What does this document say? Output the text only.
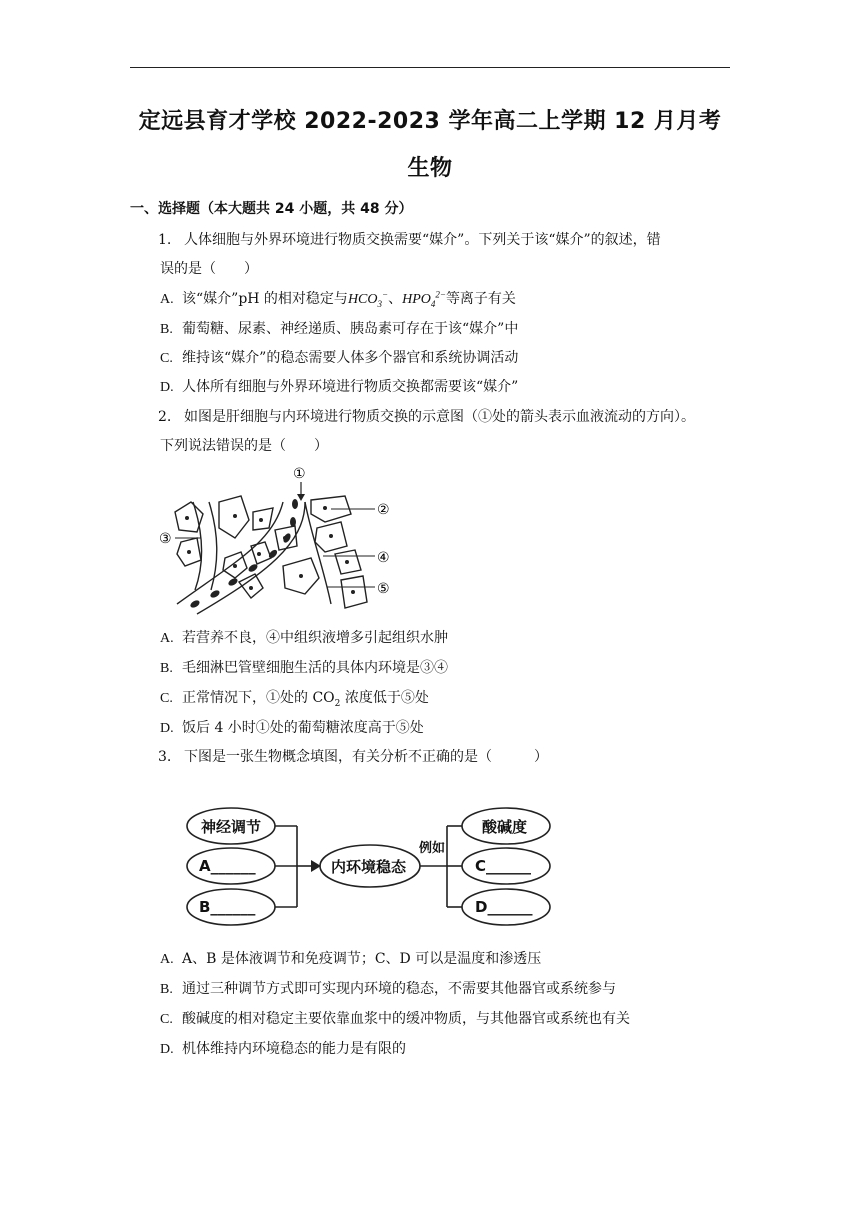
定远县育才学校 2022-2023 学年高二上学期 12 月月考
生物
一、选择题（本大题共 24 小题，共 48 分）
1. 人体细胞与外界环境进行物质交换需要“媒介”。下列关于该“媒介”的叙述，错
误的是（　　）
A. 该“媒介”pH 的相对稳定与$HCO_3^-$、$HPO_4^{2-}$等离子有关
B. 葡萄糖、尿素、神经递质、胰岛素可存在于该“媒介”中
C. 维持该“媒介”的稳态需要人体多个器官和系统协调活动
D. 人体所有细胞与外界环境进行物质交换都需要该“媒介”
2. 如图是肝细胞与内环境进行物质交换的示意图（①处的箭头表示血液流动的方向）。
下列说法错误的是（　　）
①
②
③
④
⑤
A. 若营养不良，④中组织液增多引起组织水肿
B. 毛细淋巴管壁细胞生活的具体内环境是③④
C. 正常情况下，①处的 $CO_2$ 浓度低于⑤处
D. 饭后 4 小时①处的葡萄糖浓度高于⑤处
3. 下图是一张生物概念填图，有关分析不正确的是（　　　）
神经调节
A______
B______
内环境稳态
例如
酸碱度
C______
D______
A. A、B 是体液调节和免疫调节；C、D 可以是温度和渗透压
B. 通过三种调节方式即可实现内环境的稳态，不需要其他器官或系统参与
C. 酸碱度的相对稳定主要依靠血浆中的缓冲物质，与其他器官或系统也有关
D. 机体维持内环境稳态的能力是有限的
